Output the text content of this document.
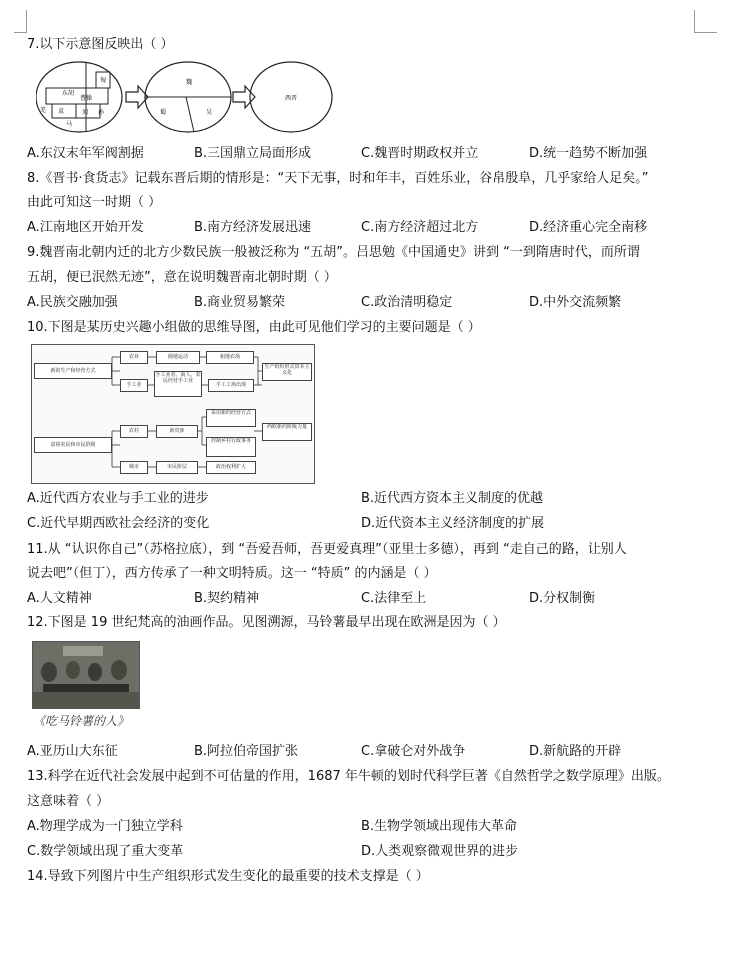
7.以下示意图反映出（ ）
匈
曹操
东胡
羌 袁	刘 孙
马
魏
蜀	吴
西晋
A.东汉末年军阀割据	B.三国鼎立局面形成	C.魏晋时期政权并立	D.统一趋势不断加强
8.《晋书·食货志》记载东晋后期的情形是：“天下无事，时和年丰，百姓乐业，谷帛殷阜，几乎家给人足矣。”
由此可知这一时期（ ）
A.江南地区开始开发	B.南方经济发展迅速	C.南方经济超过北方	D.经济重心完全南移
9.魏晋南北朝内迁的北方少数民族一般被泛称为 “五胡”。吕思勉《中国通史》讲到 “一到隋唐时代，而所谓
五胡，便已泯然无迹”，意在说明魏晋南北朝时期（ ）
A.民族交融加强	B.商业贸易繁荣	C.政治清明稳定	D.中外交流频繁
10.下图是某历史兴趣小组做的思维导图，由此可见他们学习的主要问题是（ ）
新的生产和经营方式
农业	圈地运动	租地农场
手工业
手工业者、商人、农民经营手工业
手工工场出现
生产组织形式资本主义化
富裕农民和市民阶级
农村	新贵族
采用新的经营方式
控制乡村行政事务
西欧新的阶级力量
城市	市民阶层	政治权利扩大
A.近代西方农业与手工业的进步	B.近代西方资本主义制度的优越
C.近代早期西欧社会经济的变化	D.近代资本主义经济制度的扩展
11.从 “认识你自己”（苏格拉底），到 “吾爱吾师，吾更爱真理”（亚里士多德），再到 “走自己的路，让别人
说去吧”（但丁），西方传承了一种文明特质。这一 “特质” 的内涵是（ ）
A.人文精神	B.契约精神	C.法律至上	D.分权制衡
12.下图是 19 世纪梵高的油画作品。见图溯源，马铃薯最早出现在欧洲是因为（ ）
《吃马铃薯的人》
A.亚历山大东征	B.阿拉伯帝国扩张	C.拿破仑对外战争	D.新航路的开辟
13.科学在近代社会发展中起到不可估量的作用，1687 年牛顿的划时代科学巨著《自然哲学之数学原理》出版。
这意味着（ ）
A.物理学成为一门独立学科	B.生物学领域出现伟大革命
C.数学领域出现了重大变革	D.人类观察微观世界的进步
14.导致下列图片中生产组织形式发生变化的最重要的技术支撑是（ ）
